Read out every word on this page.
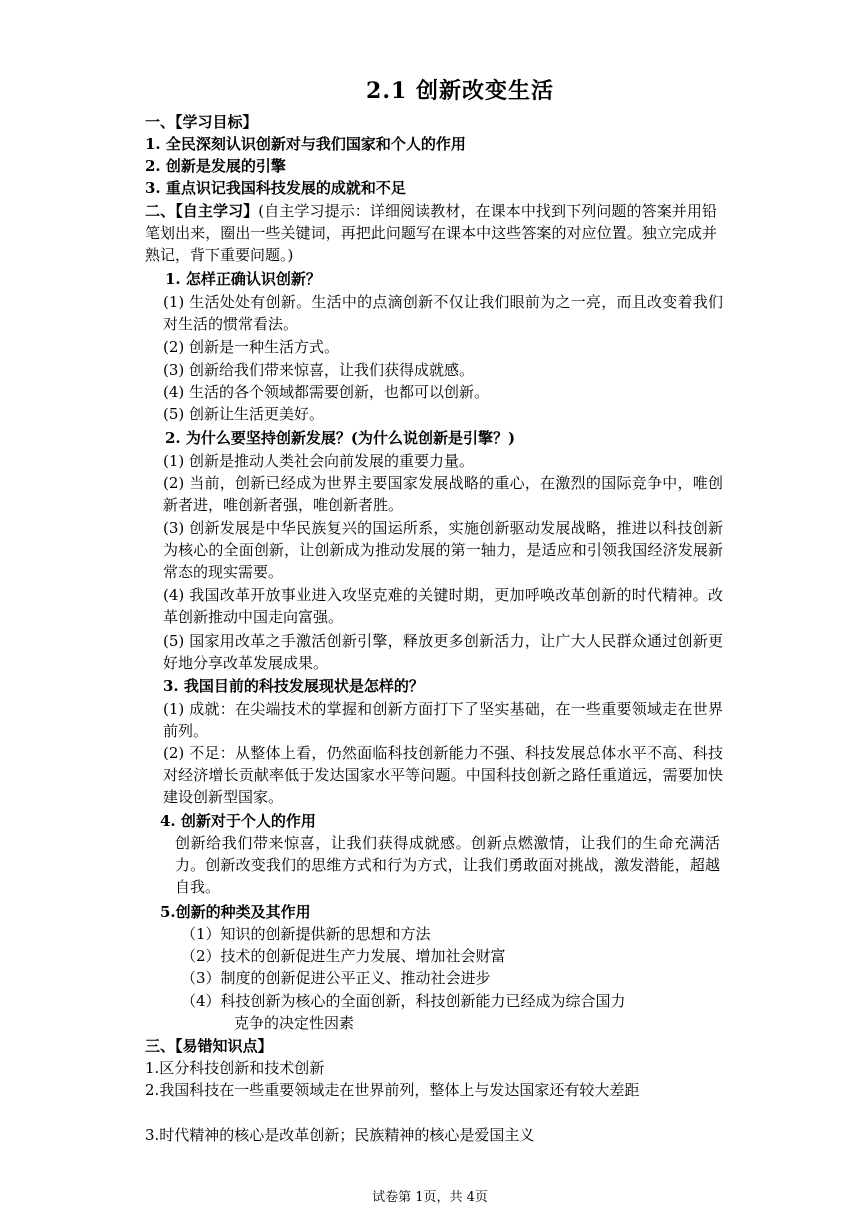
2.1 创新改变生活
一、【学习目标】
1. 全民深刻认识创新对与我们国家和个人的作用
2. 创新是发展的引擎
3. 重点识记我国科技发展的成就和不足
二、【自主学习】(自主学习提示：详细阅读教材，在课本中找到下列问题的答案并用铅笔划出来，圈出一些关键词，再把此问题写在课本中这些答案的对应位置。独立完成并熟记，背下重要问题。)
1. 怎样正确认识创新？
(1) 生活处处有创新。生活中的点滴创新不仅让我们眼前为之一亮，而且改变着我们对生活的惯常看法。
(2) 创新是一种生活方式。
(3) 创新给我们带来惊喜，让我们获得成就感。
(4) 生活的各个领域都需要创新，也都可以创新。
(5) 创新让生活更美好。
2. 为什么要坚持创新发展？(为什么说创新是引擎？)
(1) 创新是推动人类社会向前发展的重要力量。
(2) 当前，创新已经成为世界主要国家发展战略的重心，在激烈的国际竞争中，唯创新者进，唯创新者强，唯创新者胜。
(3) 创新发展是中华民族复兴的国运所系，实施创新驱动发展战略，推进以科技创新为核心的全面创新，让创新成为推动发展的第一轴力，是适应和引领我国经济发展新常态的现实需要。
(4) 我国改革开放事业进入攻坚克难的关键时期，更加呼唤改革创新的时代精神。改革创新推动中国走向富强。
(5) 国家用改革之手激活创新引擎，释放更多创新活力，让广大人民群众通过创新更好地分享改革发展成果。
3. 我国目前的科技发展现状是怎样的？
(1) 成就：在尖端技术的掌握和创新方面打下了坚实基础，在一些重要领域走在世界前列。
(2) 不足：从整体上看，仍然面临科技创新能力不强、科技发展总体水平不高、科技对经济增长贡献率低于发达国家水平等问题。中国科技创新之路任重道远，需要加快建设创新型国家。
4. 创新对于个人的作用
创新给我们带来惊喜，让我们获得成就感。创新点燃激情，让我们的生命充满活力。创新改变我们的思维方式和行为方式，让我们勇敢面对挑战，激发潜能，超越自我。
5.创新的种类及其作用
（1）知识的创新提供新的思想和方法
（2）技术的创新促进生产力发展、增加社会财富
（3）制度的创新促进公平正义、推动社会进步
（4）科技创新为核心的全面创新，科技创新能力已经成为综合国力
克争的决定性因素
三、【易错知识点】
1.区分科技创新和技术创新
2.我国科技在一些重要领域走在世界前列，整体上与发达国家还有较大差距
3.时代精神的核心是改革创新；民族精神的核心是爱国主义
试卷第 1页，共 4页
